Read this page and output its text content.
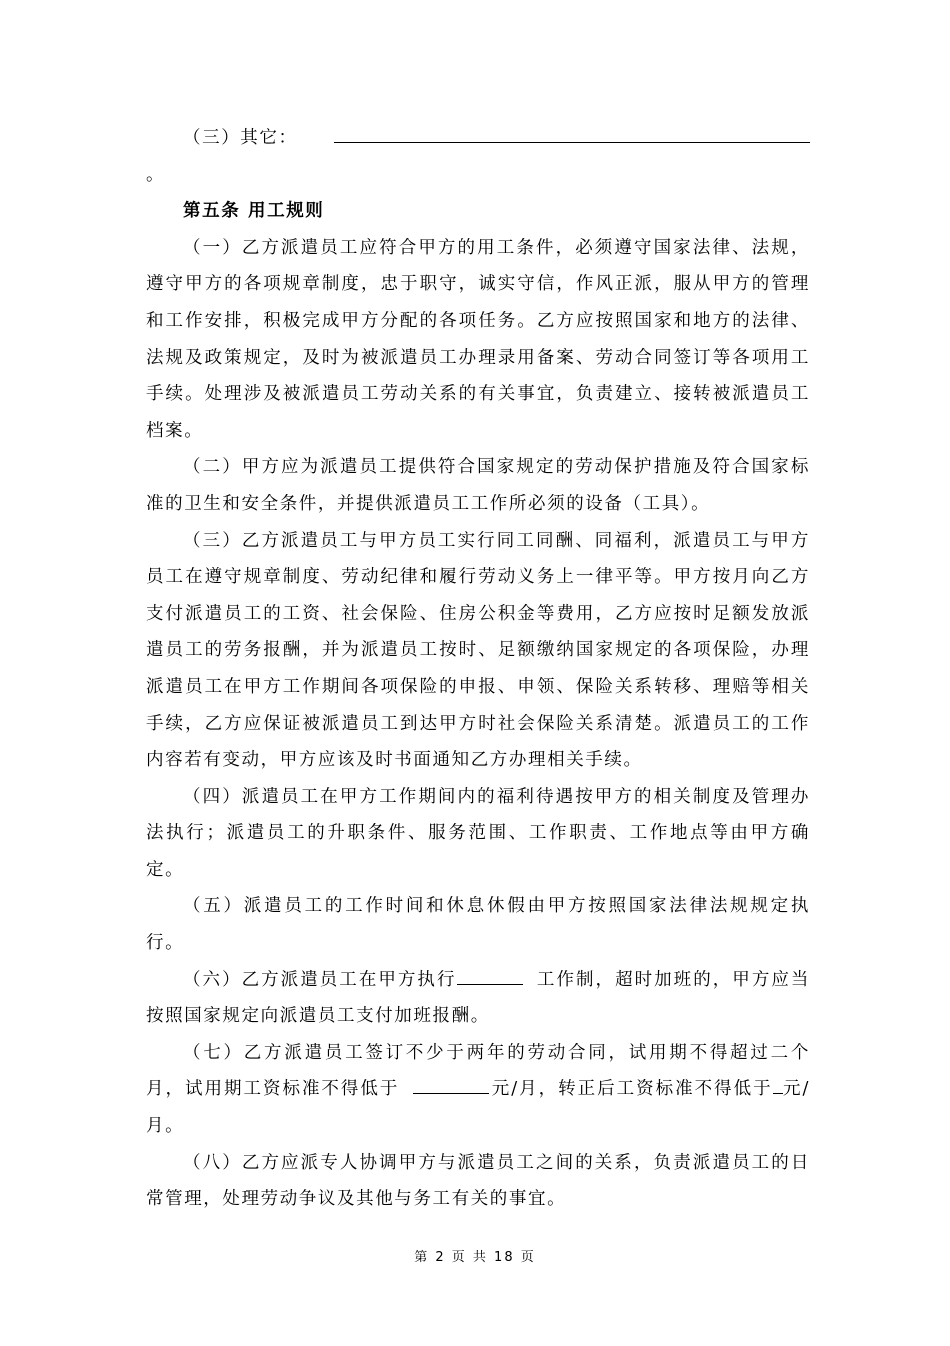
（三）其它：
。
第五条 用工规则

（一）乙方派遣员工应符合甲方的用工条件，必须遵守国家法律、法规，遵守甲方的各项规章制度，忠于职守，诚实守信，作风正派，服从甲方的管理和工作安排，积极完成甲方分配的各项任务。乙方应按照国家和地方的法律、法规及政策规定，及时为被派遣员工办理录用备案、劳动合同签订等各项用工手续。处理涉及被派遣员工劳动关系的有关事宜，负责建立、接转被派遣员工档案。

（二）甲方应为派遣员工提供符合国家规定的劳动保护措施及符合国家标准的卫生和安全条件，并提供派遣员工工作所必须的设备（工具）。

（三）乙方派遣员工与甲方员工实行同工同酬、同福利，派遣员工与甲方员工在遵守规章制度、劳动纪律和履行劳动义务上一律平等。甲方按月向乙方支付派遣员工的工资、社会保险、住房公积金等费用，乙方应按时足额发放派遣员工的劳务报酬，并为派遣员工按时、足额缴纳国家规定的各项保险，办理派遣员工在甲方工作期间各项保险的申报、申领、保险关系转移、理赔等相关手续，乙方应保证被派遣员工到达甲方时社会保险关系清楚。派遣员工的工作内容若有变动，甲方应该及时书面通知乙方办理相关手续。

（四）派遣员工在甲方工作期间内的福利待遇按甲方的相关制度及管理办法执行；派遣员工的升职条件、服务范围、工作职责、工作地点等由甲方确定。

（五）派遣员工的工作时间和休息休假由甲方按照国家法律法规规定执行。

（六）乙方派遣员工在甲方执行	工作制，超时加班的，甲方应当按照国家规定向派遣员工支付加班报酬。

（七）乙方派遣员工签订不少于两年的劳动合同，试用期不得超过二个月，试用期工资标准不得低于	元/月，转正后工资标准不得低于 元/月。

（八）乙方应派专人协调甲方与派遣员工之间的关系，负责派遣员工的日常管理，处理劳动争议及其他与务工有关的事宜。

第 2 页 共 18 页
